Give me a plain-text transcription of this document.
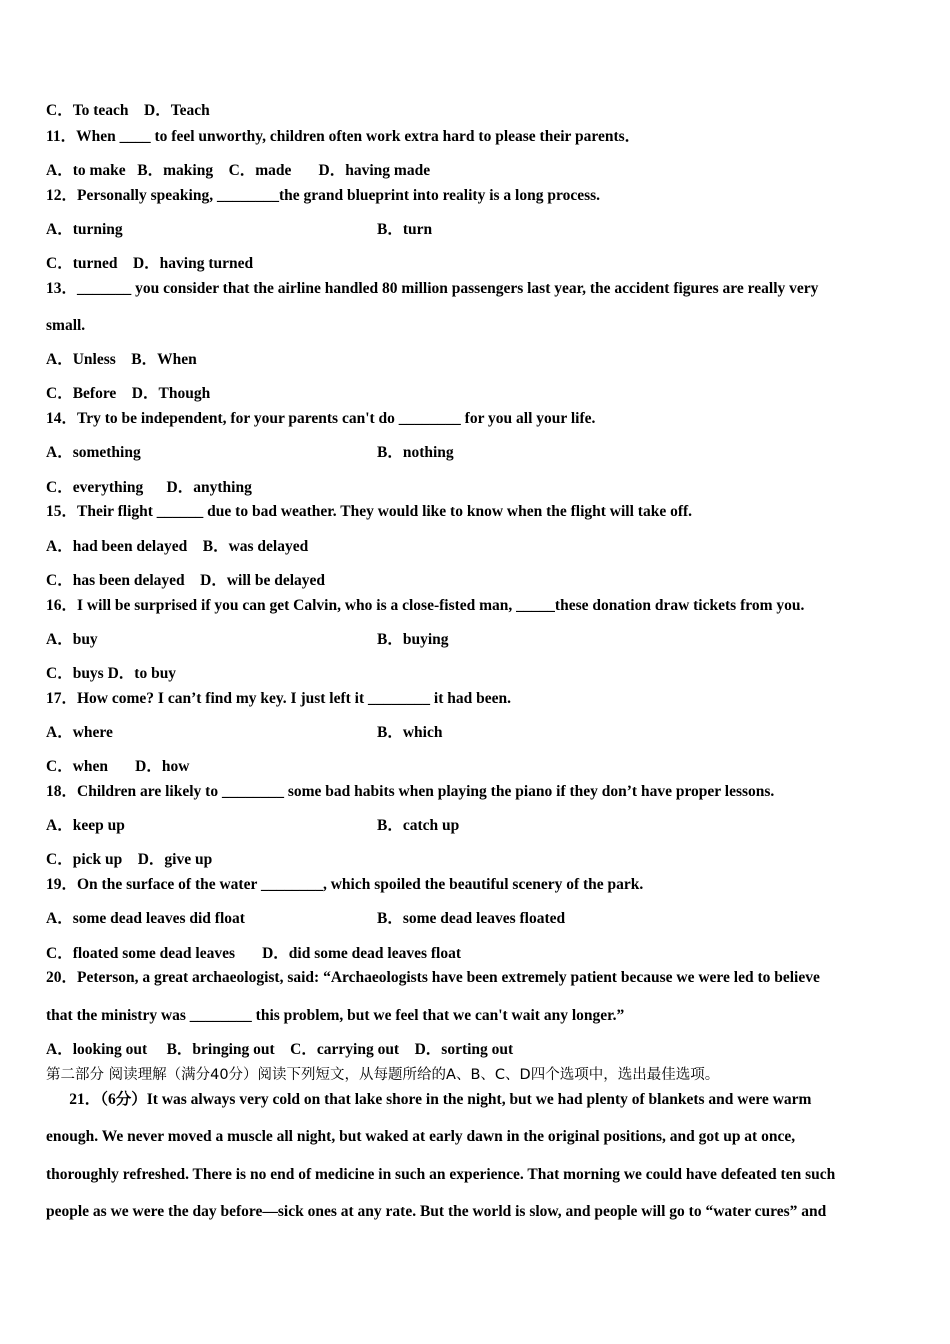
C．To teach    D．Teach
11．When ____ to feel unworthy, children often work extra hard to please their parents．
A．to make   B．making    C．made       D．having made
12．Personally speaking, ________the grand blueprint into reality is a long process.
A．turning	B．turn
C．turned    D．having turned
13．_______ you consider that the airline handled 80 million passengers last year, the accident figures are really very
small.
A．Unless    B．When
C．Before    D．Though
14．Try to be independent, for your parents can't do ________ for you all your life.
A．something	B．nothing
C．everything      D．anything
15．Their flight ______ due to bad weather. They would like to know when the flight will take off.
A．had been delayed    B．was delayed
C．has been delayed    D．will be delayed
16．I will be surprised if you can get Calvin, who is a close-fisted man, _____these donation draw tickets from you.
A．buy	B．buying
C．buys D．to buy
17．How come? I can’t find my key. I just left it ________ it had been.
A．where	B．which
C．when       D．how
18．Children are likely to ________ some bad habits when playing the piano if they don’t have proper lessons.
A．keep up	B．catch up
C．pick up    D．give up
19．On the surface of the water ________, which spoiled the beautiful scenery of the park.
A．some dead leaves did float	B．some dead leaves floated
C．floated some dead leaves       D．did some dead leaves float
20．Peterson, a great archaeologist, said: “Archaeologists have been extremely patient because we were led to believe
that the ministry was ________ this problem, but we feel that we can't wait any longer.”
A．looking out     B．bringing out    C．carrying out    D．sorting out
第二部分 阅读理解（满分40分）阅读下列短文，从每题所给的A、B、C、D四个选项中，选出最佳选项。
21．（6分）It was always very cold on that lake shore in the night, but we had plenty of blankets and were warm
enough. We never moved a muscle all night, but waked at early dawn in the original positions, and got up at once,
thoroughly refreshed. There is no end of medicine in such an experience. That morning we could have defeated ten such
people as we were the day before—sick ones at any rate. But the world is slow, and people will go to “water cures” and
